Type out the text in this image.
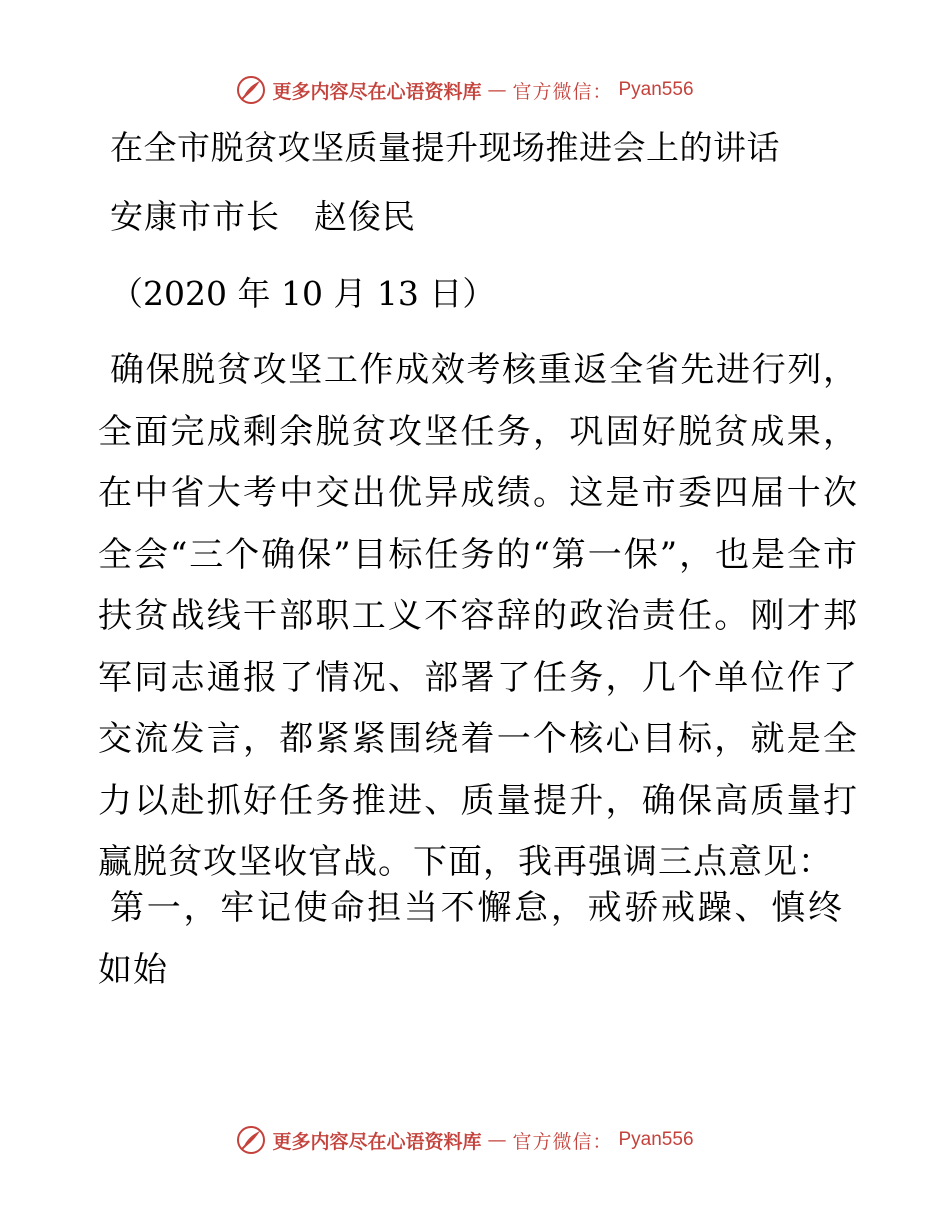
更多内容尽在心语资料库 — 官方微信： Pyan556
在全市脱贫攻坚质量提升现场推进会上的讲话
安康市市长 赵俊民
（2020 年 10 月 13 日）
确保脱贫攻坚工作成效考核重返全省先进行列，全面完成剩余脱贫攻坚任务，巩固好脱贫成果，在中省大考中交出优异成绩。这是市委四届十次全会“三个确保”目标任务的“第一保”，也是全市扶贫战线干部职工义不容辞的政治责任。刚才邦军同志通报了情况、部署了任务，几个单位作了交流发言，都紧紧围绕着一个核心目标，就是全力以赴抓好任务推进、质量提升，确保高质量打赢脱贫攻坚收官战。下面，我再强调三点意见：
第一，牢记使命担当不懈怠，戒骄戒躁、慎终如始
更多内容尽在心语资料库 — 官方微信： Pyan556
